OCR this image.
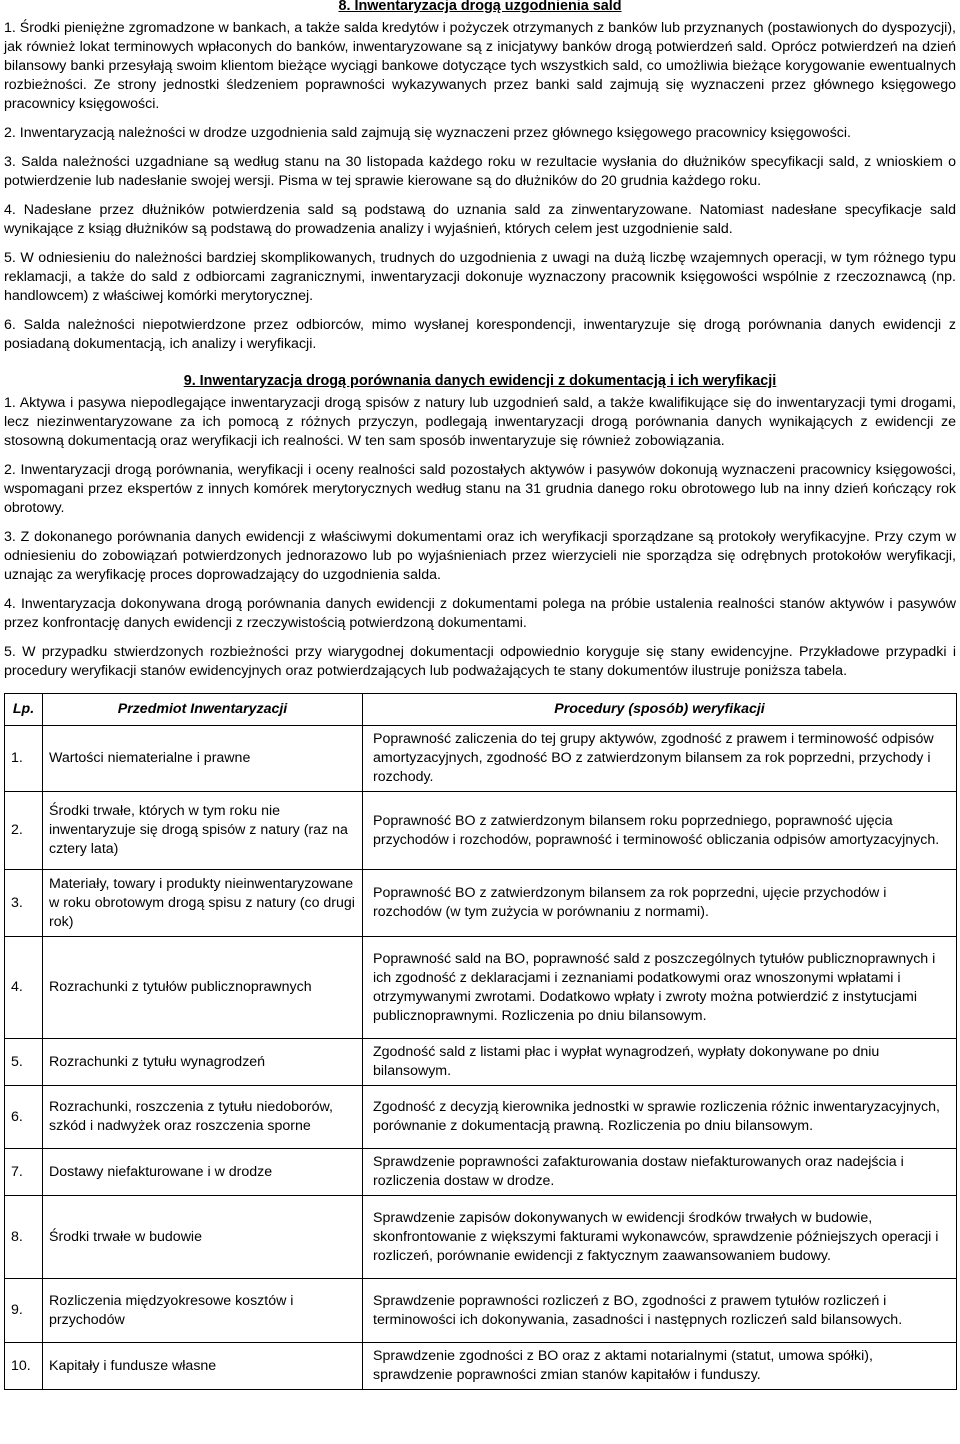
8. Inwentaryzacja drogą uzgodnienia sald

1. Środki pieniężne zgromadzone w bankach, a także salda kredytów i pożyczek otrzymanych z banków lub przyznanych (postawionych do dyspozycji), jak również lokat terminowych wpłaconych do banków, inwentaryzowane są z inicjatywy banków drogą potwierdzeń sald. Oprócz potwierdzeń na dzień bilansowy banki przesyłają swoim klientom bieżące wyciągi bankowe dotyczące tych wszystkich sald, co umożliwia bieżące korygowanie ewentualnych rozbieżności. Ze strony jednostki śledzeniem poprawności wykazywanych przez banki sald zajmują się wyznaczeni przez głównego księgowego pracownicy księgowości.

2. Inwentaryzacją należności w drodze uzgodnienia sald zajmują się wyznaczeni przez głównego księgowego pracownicy księgowości.

3. Salda należności uzgadniane są według stanu na 30 listopada każdego roku w rezultacie wysłania do dłużników specyfikacji sald, z wnioskiem o potwierdzenie lub nadesłanie swojej wersji. Pisma w tej sprawie kierowane są do dłużników do 20 grudnia każdego roku.

4. Nadesłane przez dłużników potwierdzenia sald są podstawą do uznania sald za zinwentaryzowane. Natomiast nadesłane specyfikacje sald wynikające z ksiąg dłużników są podstawą do prowadzenia analizy i wyjaśnień, których celem jest uzgodnienie sald.

5. W odniesieniu do należności bardziej skomplikowanych, trudnych do uzgodnienia z uwagi na dużą liczbę wzajemnych operacji, w tym różnego typu reklamacji, a także do sald z odbiorcami zagranicznymi, inwentaryzacji dokonuje wyznaczony pracownik księgowości wspólnie z rzeczoznawcą (np. handlowcem) z właściwej komórki merytorycznej.

6. Salda należności niepotwierdzone przez odbiorców, mimo wysłanej korespondencji, inwentaryzuje się drogą porównania danych ewidencji z posiadaną dokumentacją, ich analizy i weryfikacji.

9. Inwentaryzacja drogą porównania danych ewidencji z dokumentacją i ich weryfikacji

1. Aktywa i pasywa niepodlegające inwentaryzacji drogą spisów z natury lub uzgodnień sald, a także kwalifikujące się do inwentaryzacji tymi drogami, lecz niezinwentaryzowane za ich pomocą z różnych przyczyn, podlegają inwentaryzacji drogą porównania danych wynikających z ewidencji ze stosowną dokumentacją oraz weryfikacji ich realności. W ten sam sposób inwentaryzuje się również zobowiązania.

2. Inwentaryzacji drogą porównania, weryfikacji i oceny realności sald pozostałych aktywów i pasywów dokonują wyznaczeni pracownicy księgowości, wspomagani przez ekspertów z innych komórek merytorycznych według stanu na 31 grudnia danego roku obrotowego lub na inny dzień kończący rok obrotowy.

3. Z dokonanego porównania danych ewidencji z właściwymi dokumentami oraz ich weryfikacji sporządzane są protokoły weryfikacyjne. Przy czym w odniesieniu do zobowiązań potwierdzonych jednorazowo lub po wyjaśnieniach przez wierzycieli nie sporządza się odrębnych protokołów weryfikacji, uznając za weryfikację proces doprowadzający do uzgodnienia salda.

4. Inwentaryzacja dokonywana drogą porównania danych ewidencji z dokumentami polega na próbie ustalenia realności stanów aktywów i pasywów przez konfrontację danych ewidencji z rzeczywistością potwierdzoną dokumentami.

5. W przypadku stwierdzonych rozbieżności przy wiarygodnej dokumentacji odpowiednio koryguje się stany ewidencyjne. Przykładowe przypadki i procedury weryfikacji stanów ewidencyjnych oraz potwierdzających lub podważających te stany dokumentów ilustruje poniższa tabela.

Lp.	Przedmiot Inwentaryzacji	Procedury (sposób) weryfikacji
1.	Wartości niematerialne i prawne	Poprawność zaliczenia do tej grupy aktywów, zgodność z prawem i terminowość odpisów amortyzacyjnych, zgodność BO z zatwierdzonym bilansem za rok poprzedni, przychody i rozchody.
2.	Środki trwałe, których w tym roku nie inwentaryzuje się drogą spisów z natury (raz na cztery lata)	Poprawność BO z zatwierdzonym bilansem roku poprzedniego, poprawność ujęcia przychodów i rozchodów, poprawność i terminowość obliczania odpisów amortyzacyjnych.
3.	Materiały, towary i produkty nieinwentaryzowane w roku obrotowym drogą spisu z natury (co drugi rok)	Poprawność BO z zatwierdzonym bilansem za rok poprzedni, ujęcie przychodów i rozchodów (w tym zużycia w porównaniu z normami).
4.	Rozrachunki z tytułów publicznoprawnych	Poprawność sald na BO, poprawność sald z poszczególnych tytułów publicznoprawnych i ich zgodność z deklaracjami i zeznaniami podatkowymi oraz wnoszonymi wpłatami i otrzymywanymi zwrotami. Dodatkowo wpłaty i zwroty można potwierdzić z instytucjami publicznoprawnymi. Rozliczenia po dniu bilansowym.
5.	Rozrachunki z tytułu wynagrodzeń	Zgodność sald z listami płac i wypłat wynagrodzeń, wypłaty dokonywane po dniu bilansowym.
6.	Rozrachunki, roszczenia z tytułu niedoborów, szkód i nadwyżek oraz roszczenia sporne	Zgodność z decyzją kierownika jednostki w sprawie rozliczenia różnic inwentaryzacyjnych, porównanie z dokumentacją prawną. Rozliczenia po dniu bilansowym.
7.	Dostawy niefakturowane i w drodze	Sprawdzenie poprawności zafakturowania dostaw niefakturowanych oraz nadejścia i rozliczenia dostaw w drodze.
8.	Środki trwałe w budowie	Sprawdzenie zapisów dokonywanych w ewidencji środków trwałych w budowie, skonfrontowanie z większymi fakturami wykonawców, sprawdzenie późniejszych operacji i rozliczeń, porównanie ewidencji z faktycznym zaawansowaniem budowy.
9.	Rozliczenia międzyokresowe kosztów i przychodów	Sprawdzenie poprawności rozliczeń z BO, zgodności z prawem tytułów rozliczeń i terminowości ich dokonywania, zasadności i następnych rozliczeń sald bilansowych.
10.	Kapitały i fundusze własne	Sprawdzenie zgodności z BO oraz z aktami notarialnymi (statut, umowa spółki), sprawdzenie poprawności zmian stanów kapitałów i funduszy.
